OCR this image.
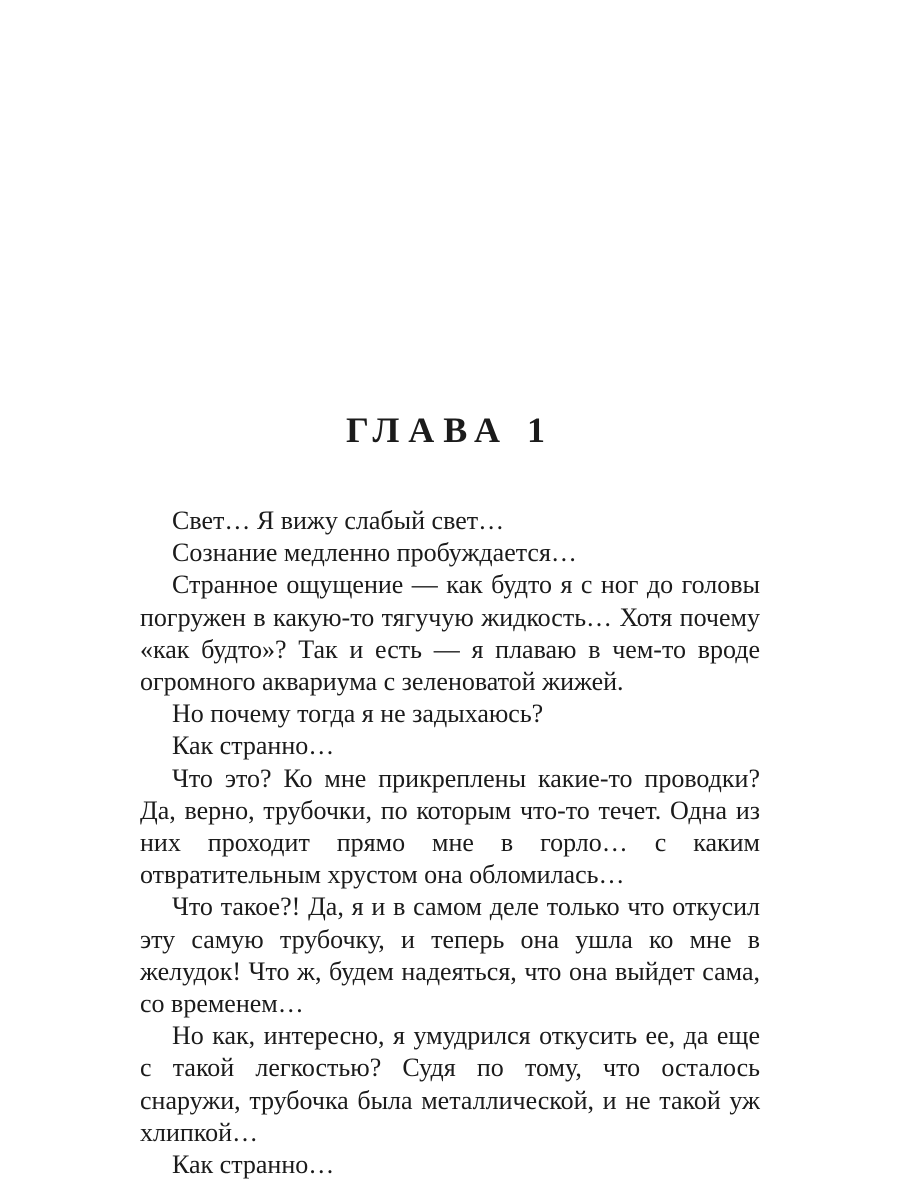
ГЛАВА 1

Свет… Я вижу слабый свет…

Сознание медленно пробуждается…

Странное ощущение — как будто я с ног до головы погружен в какую-то тягучую жидкость… Хотя почему «как будто»? Так и есть — я плаваю в чем-то вроде огромного аквариума с зеленоватой жижей.

Но почему тогда я не задыхаюсь?

Как странно…

Что это? Ко мне прикреплены какие-то проводки? Да, верно, трубочки, по которым что-то течет. Одна из них проходит прямо мне в горло… с каким отвратительным хрустом она обломилась…

Что такое?! Да, я и в самом деле только что откусил эту самую трубочку, и теперь она ушла ко мне в желудок! Что ж, будем надеяться, что она выйдет сама, со временем…

Но как, интересно, я умудрился откусить ее, да еще с такой легкостью? Судя по тому, что осталось снаружи, трубочка была металлической, и не такой уж хлипкой…

Как странно…
